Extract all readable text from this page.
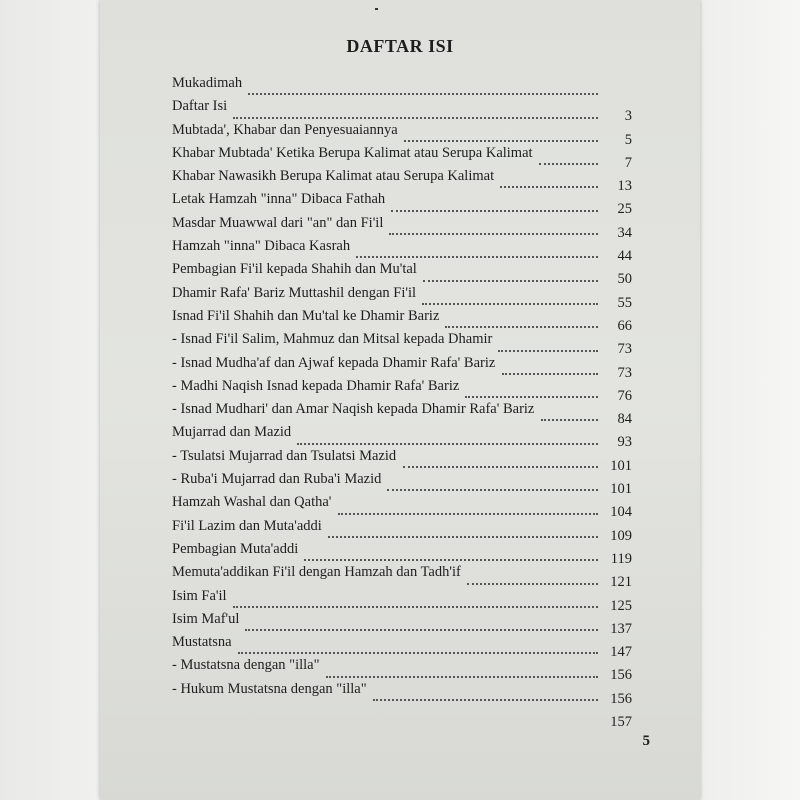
DAFTAR ISI
Mukadimah
Daftar Isi
3
Mubtada', Khabar dan Penyesuaiannya
5
Khabar Mubtada' Ketika Berupa Kalimat atau Serupa Kalimat
7
Khabar Nawasikh Berupa Kalimat atau Serupa Kalimat
13
Letak Hamzah "inna" Dibaca Fathah
25
Masdar Muawwal dari "an" dan Fi'il
34
Hamzah "inna" Dibaca Kasrah
44
Pembagian Fi'il kepada Shahih dan Mu'tal
50
Dhamir Rafa' Bariz Muttashil dengan Fi'il
55
Isnad Fi'il Shahih dan Mu'tal ke Dhamir Bariz
66
- Isnad Fi'il Salim, Mahmuz dan Mitsal kepada Dhamir
73
- Isnad Mudha'af dan Ajwaf kepada Dhamir Rafa' Bariz
73
- Madhi Naqish Isnad kepada Dhamir Rafa' Bariz
76
- Isnad Mudhari' dan Amar Naqish kepada Dhamir Rafa' Bariz
84
Mujarrad dan Mazid
93
- Tsulatsi Mujarrad dan Tsulatsi Mazid
101
- Ruba'i Mujarrad dan Ruba'i Mazid
101
Hamzah Washal dan Qatha'
104
Fi'il Lazim dan Muta'addi
109
Pembagian Muta'addi
119
Memuta'addikan Fi'il dengan Hamzah dan Tadh'if
121
Isim Fa'il
125
Isim Maf'ul
137
Mustatsna
147
- Mustatsna dengan "illa"
156
- Hukum Mustatsna dengan "illa"
156
157
5
